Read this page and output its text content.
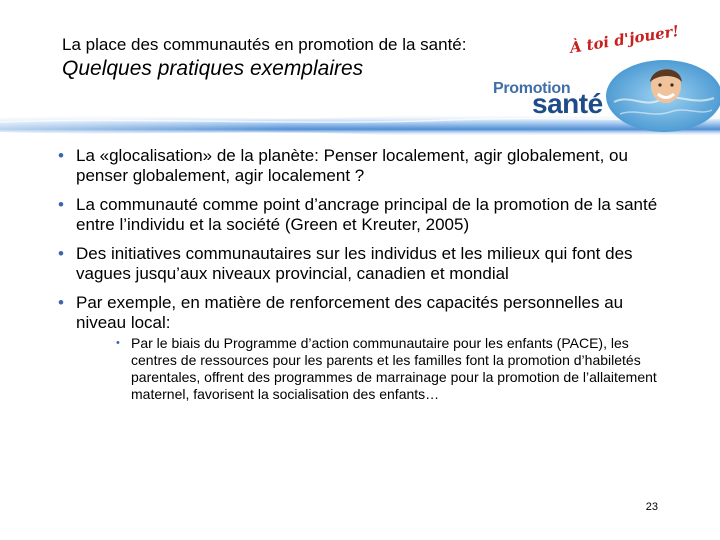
La place des communautés en promotion de la santé:
Quelques pratiques exemplaires
À toi d'jouer!
Promotion
santé
• La «glocalisation» de la planète: Penser localement, agir globalement, ou penser globalement, agir localement ?
• La communauté comme point d’ancrage principal de la promotion de la santé entre l’individu et la société (Green et Kreuter, 2005)
• Des initiatives communautaires sur les individus et les milieux qui font des vagues jusqu’aux niveaux provincial, canadien et mondial
• Par exemple, en matière de renforcement des capacités personnelles au niveau local:
• Par le biais du Programme d’action communautaire pour les enfants (PACE), les centres de ressources pour les parents et les familles font la promotion d’habiletés parentales, offrent des programmes de marrainage pour la promotion de l’allaitement maternel, favorisent la socialisation des enfants…
23
